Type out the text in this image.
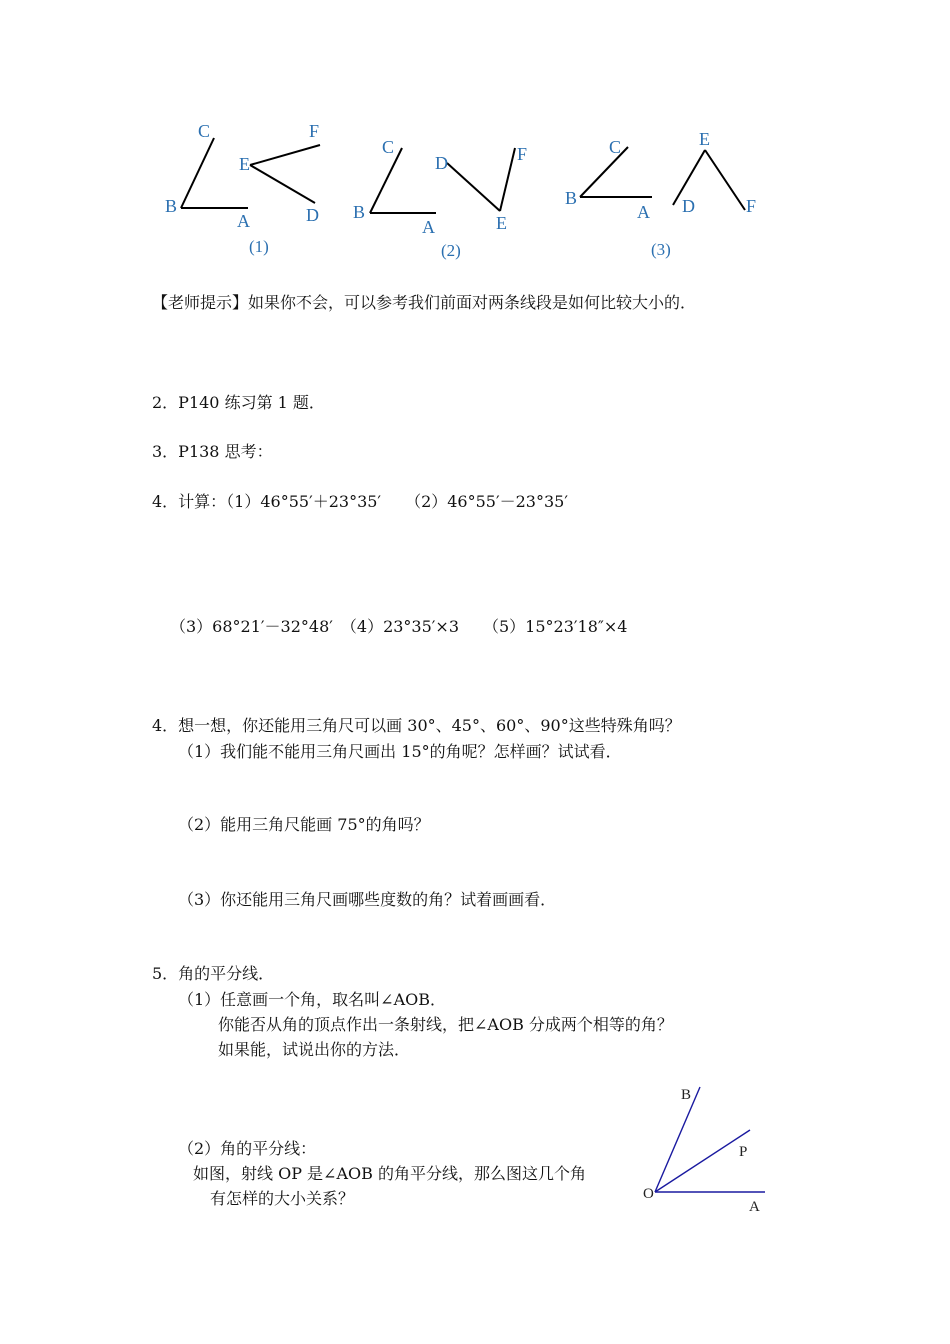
C	F
E
B
A	D
(1)
C
D	F
B
A	E
(2)
C	E
B
A D	F
(3)
【老师提示】如果你不会，可以参考我们前面对两条线段是如何比较大小的．
2．P140 练习第 1 题．
3．P138 思考：
4．计算：（1）46°55′＋23°35′　　（2）46°55′－23°35′
（3）68°21′－32°48′　（4）23°35′×3　　（5）15°23′18″×4
4．想一想，你还能用三角尺可以画 30°、45°、60°、90°这些特殊角吗？
（1）我们能不能用三角尺画出 15°的角呢？怎样画？试试看．
（2）能用三角尺能画 75°的角吗？
（3）你还能用三角尺画哪些度数的角？试着画画看．
5．角的平分线．
（1）任意画一个角，取名叫∠AOB．
你能否从角的顶点作出一条射线，把∠AOB 分成两个相等的角？
如果能，试说出你的方法．
（2）角的平分线：
如图，射线 OP 是∠AOB 的角平分线，那么图这几个角
有怎样的大小关系？
B
P
O
A
